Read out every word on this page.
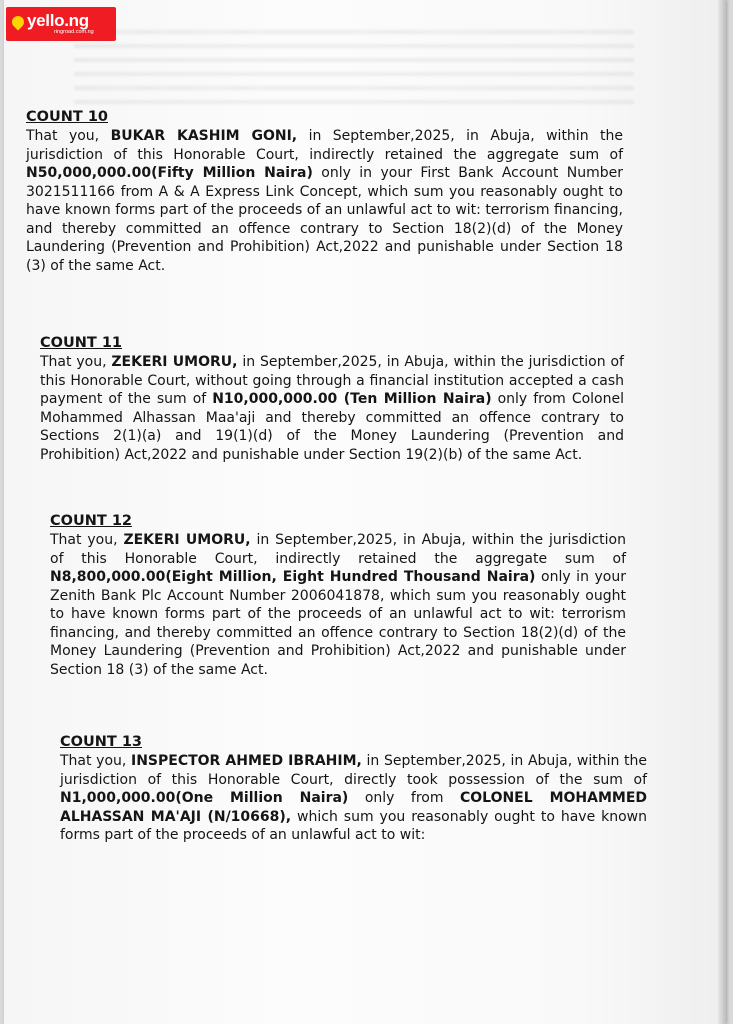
yello.ng
ringroad.com.ng
COUNT 10
That you, BUKAR KASHIM GONI, in September,2025, in Abuja, within the jurisdiction of this Honorable Court, indirectly retained the aggregate sum of N50,000,000.00(Fifty Million Naira) only in your First Bank Account Number 3021511166 from A & A Express Link Concept, which sum you reasonably ought to have known forms part of the proceeds of an unlawful act to wit: terrorism financing, and thereby committed an offence contrary to Section 18(2)(d) of the Money Laundering (Prevention and Prohibition) Act,2022 and punishable under Section 18 (3) of the same Act.
COUNT 11
That you, ZEKERI UMORU, in September,2025, in Abuja, within the jurisdiction of this Honorable Court, without going through a financial institution accepted a cash payment of the sum of N10,000,000.00 (Ten Million Naira) only from Colonel Mohammed Alhassan Maa'aji and thereby committed an offence contrary to Sections 2(1)(a) and 19(1)(d) of the Money Laundering (Prevention and Prohibition) Act,2022 and punishable under Section 19(2)(b) of the same Act.
COUNT 12
That you, ZEKERI UMORU, in September,2025, in Abuja, within the jurisdiction of this Honorable Court, indirectly retained the aggregate sum of N8,800,000.00(Eight Million, Eight Hundred Thousand Naira) only in your Zenith Bank Plc Account Number 2006041878, which sum you reasonably ought to have known forms part of the proceeds of an unlawful act to wit: terrorism financing, and thereby committed an offence contrary to Section 18(2)(d) of the Money Laundering (Prevention and Prohibition) Act,2022 and punishable under Section 18 (3) of the same Act.
COUNT 13
That you, INSPECTOR AHMED IBRAHIM, in September,2025, in Abuja, within the jurisdiction of this Honorable Court, directly took possession of the sum of N1,000,000.00(One Million Naira) only from COLONEL MOHAMMED ALHASSAN MA'AJI (N/10668), which sum you reasonably ought to have known forms part of the proceeds of an unlawful act to wit:
